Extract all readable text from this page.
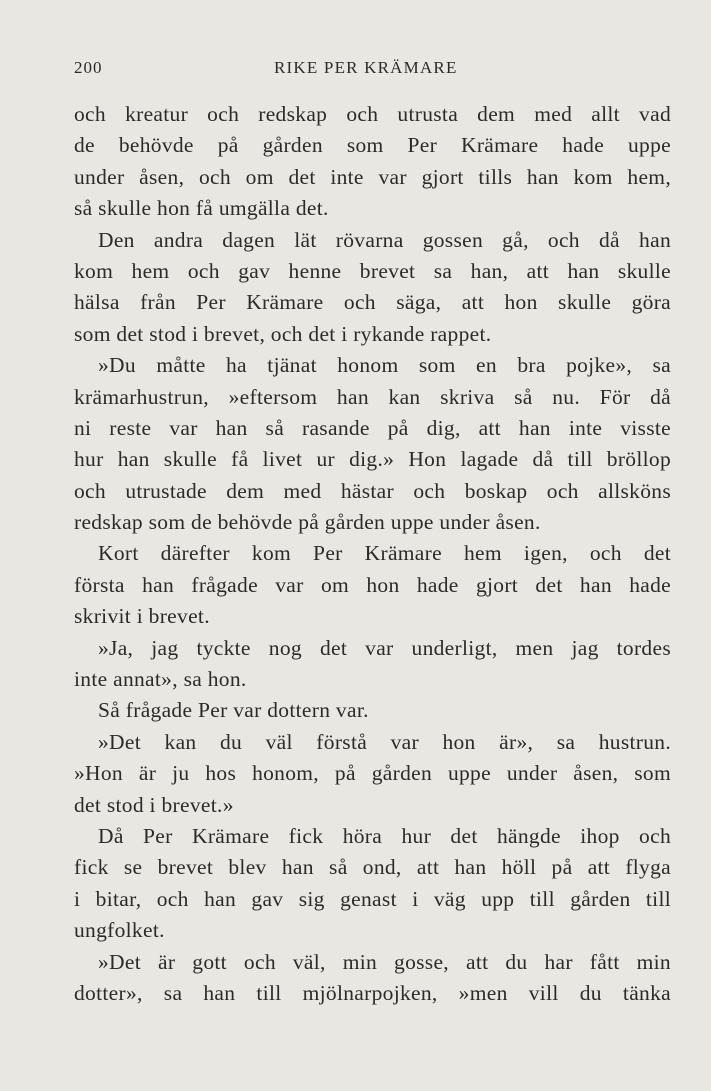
200	RIKE PER KRÄMARE
och kreatur och redskap och utrusta dem med allt vad
de behövde på gården som Per Krämare hade uppe
under åsen, och om det inte var gjort tills han kom hem,
så skulle hon få umgälla det.
Den andra dagen lät rövarna gossen gå, och då han
kom hem och gav henne brevet sa han, att han skulle
hälsa från Per Krämare och säga, att hon skulle göra
som det stod i brevet, och det i rykande rappet.
»Du måtte ha tjänat honom som en bra pojke», sa
krämarhustrun, »eftersom han kan skriva så nu. För då
ni reste var han så rasande på dig, att han inte visste
hur han skulle få livet ur dig.» Hon lagade då till bröllop
och utrustade dem med hästar och boskap och allsköns
redskap som de behövde på gården uppe under åsen.
Kort därefter kom Per Krämare hem igen, och det
första han frågade var om hon hade gjort det han hade
skrivit i brevet.
»Ja, jag tyckte nog det var underligt, men jag tordes
inte annat», sa hon.
Så frågade Per var dottern var.
»Det kan du väl förstå var hon är», sa hustrun.
»Hon är ju hos honom, på gården uppe under åsen, som
det stod i brevet.»
Då Per Krämare fick höra hur det hängde ihop och
fick se brevet blev han så ond, att han höll på att flyga
i bitar, och han gav sig genast i väg upp till gården till
ungfolket.
»Det är gott och väl, min gosse, att du har fått min
dotter», sa han till mjölnarpojken, »men vill du tänka
